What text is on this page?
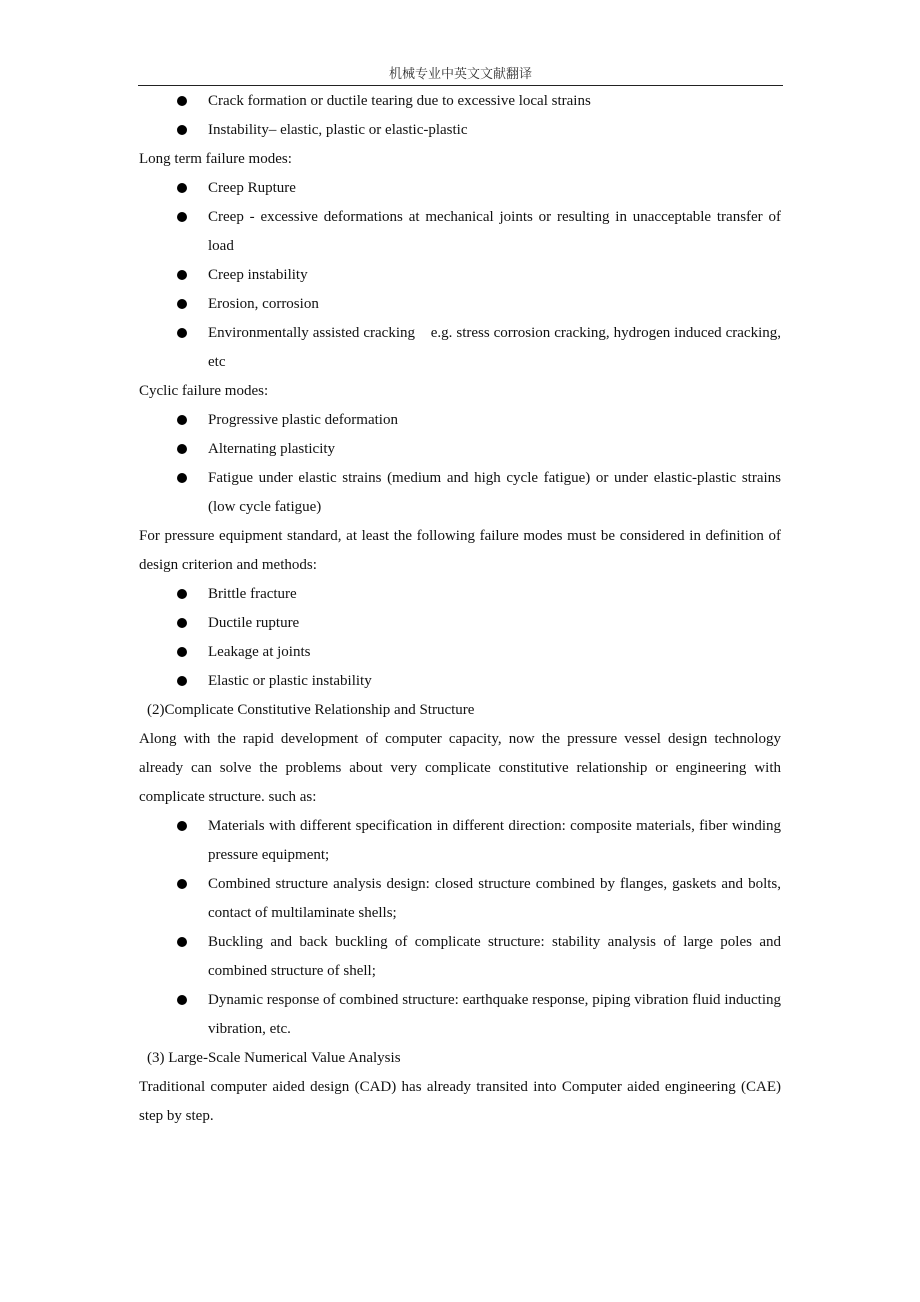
机械专业中英文文献翻译
Crack formation or ductile tearing due to excessive local strains
Instability– elastic, plastic or elastic-plastic

Long term failure modes:

Creep Rupture
Creep - excessive deformations at mechanical joints or resulting in unacceptable transfer of load
Creep instability
Erosion, corrosion
Environmentally assisted cracking    e.g. stress corrosion cracking, hydrogen induced cracking, etc

Cyclic failure modes:

Progressive plastic deformation
Alternating plasticity
Fatigue under elastic strains (medium and high cycle fatigue) or under elastic-plastic strains (low cycle fatigue)

For pressure equipment standard, at least the following failure modes must be considered in definition of design criterion and methods:

Brittle fracture
Ductile rupture
Leakage at joints
Elastic or plastic instability

(2)Complicate Constitutive Relationship and Structure

Along with the rapid development of computer capacity, now the pressure vessel design technology already can solve the problems about very complicate constitutive relationship or engineering with complicate structure. such as:

Materials with different specification in different direction: composite materials, fiber winding pressure equipment;
Combined structure analysis design: closed structure combined by flanges, gaskets and bolts, contact of multilaminate shells;
Buckling and back buckling of complicate structure: stability analysis of large poles and combined structure of shell;
Dynamic response of combined structure: earthquake response, piping vibration fluid inducting vibration, etc.

(3) Large-Scale Numerical Value Analysis

Traditional computer aided design (CAD) has already transited into Computer aided engineering (CAE) step by step.
